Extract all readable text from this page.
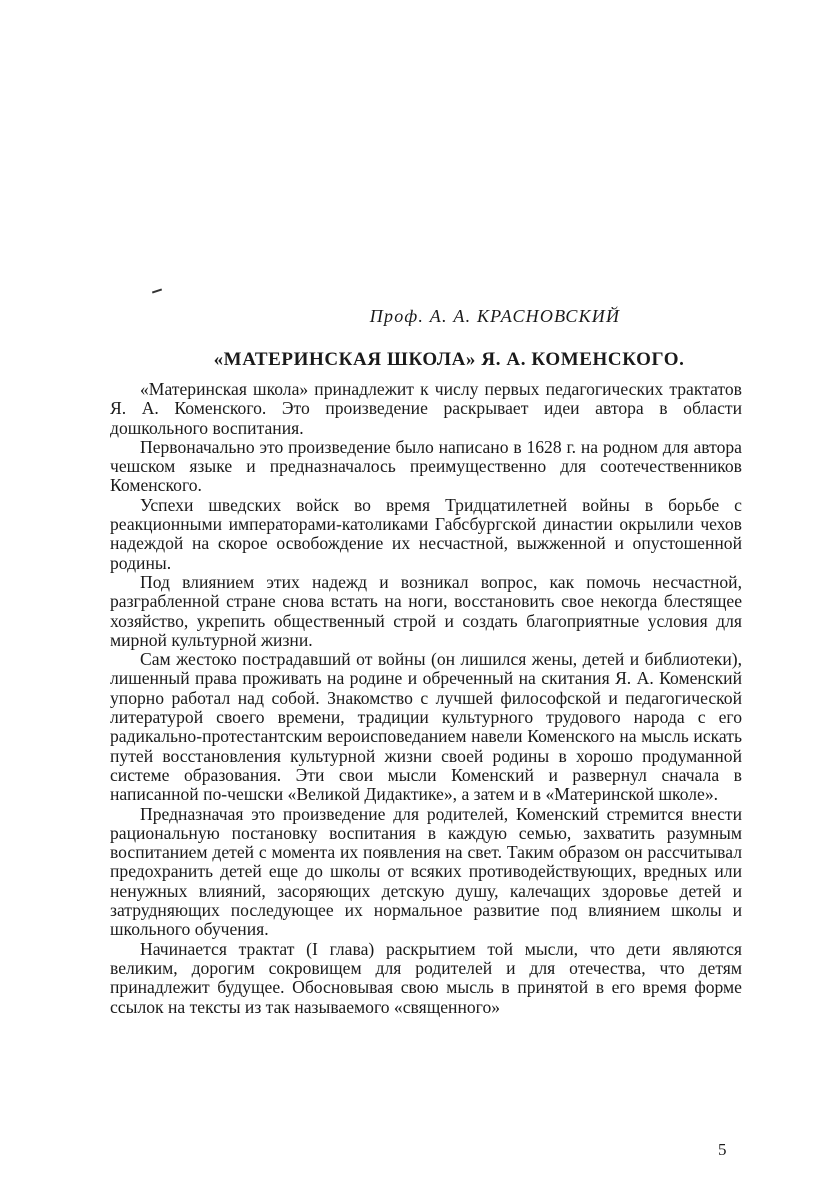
Проф. А. А. КРАСНОВСКИЙ
«МАТЕРИНСКАЯ ШКОЛА» Я. А. КОМЕНСКОГО.

«Материнская школа» принадлежит к числу первых педагогических трактатов Я. А. Коменского. Это произведение раскрывает идеи автора в области дошкольного воспитания.

Первоначально это произведение было написано в 1628 г. на родном для автора чешском языке и предназначалось преимущественно для соотечественников Коменского.

Успехи шведских войск во время Тридцатилетней войны в борьбе с реакционными императорами-католиками Габсбургской династии окрылили чехов надеждой на скорое освобождение их несчастной, выжженной и опустошенной родины.

Под влиянием этих надежд и возникал вопрос, как помочь несчастной, разграбленной стране снова встать на ноги, восстановить свое некогда блестящее хозяйство, укрепить общественный строй и создать благоприятные условия для мирной культурной жизни.

Сам жестоко пострадавший от войны (он лишился жены, детей и библиотеки), лишенный права проживать на родине и обреченный на скитания Я. А. Коменский упорно работал над собой. Знакомство с лучшей философской и педагогической литературой своего времени, традиции культурного трудового народа с его радикально-протестантским вероисповеданием навели Коменского на мысль искать путей восстановления культурной жизни своей родины в хорошо продуманной системе образования. Эти свои мысли Коменский и развернул сначала в написанной по-чешски «Великой Дидактике», а затем и в «Материнской школе».

Предназначая это произведение для родителей, Коменский стремится внести рациональную постановку воспитания в каждую семью, захватить разумным воспитанием детей с момента их появления на свет. Таким образом он рассчитывал предохранить детей еще до школы от всяких противодействующих, вредных или ненужных влияний, засоряющих детскую душу, калечащих здоровье детей и затрудняющих последующее их нормальное развитие под влиянием школы и школьного обучения.

Начинается трактат (I глава) раскрытием той мысли, что дети являются великим, дорогим сокровищем для родителей и для отечества, что детям принадлежит будущее. Обосновывая свою мысль в принятой в его время форме ссылок на тексты из так называемого «священного»

5
